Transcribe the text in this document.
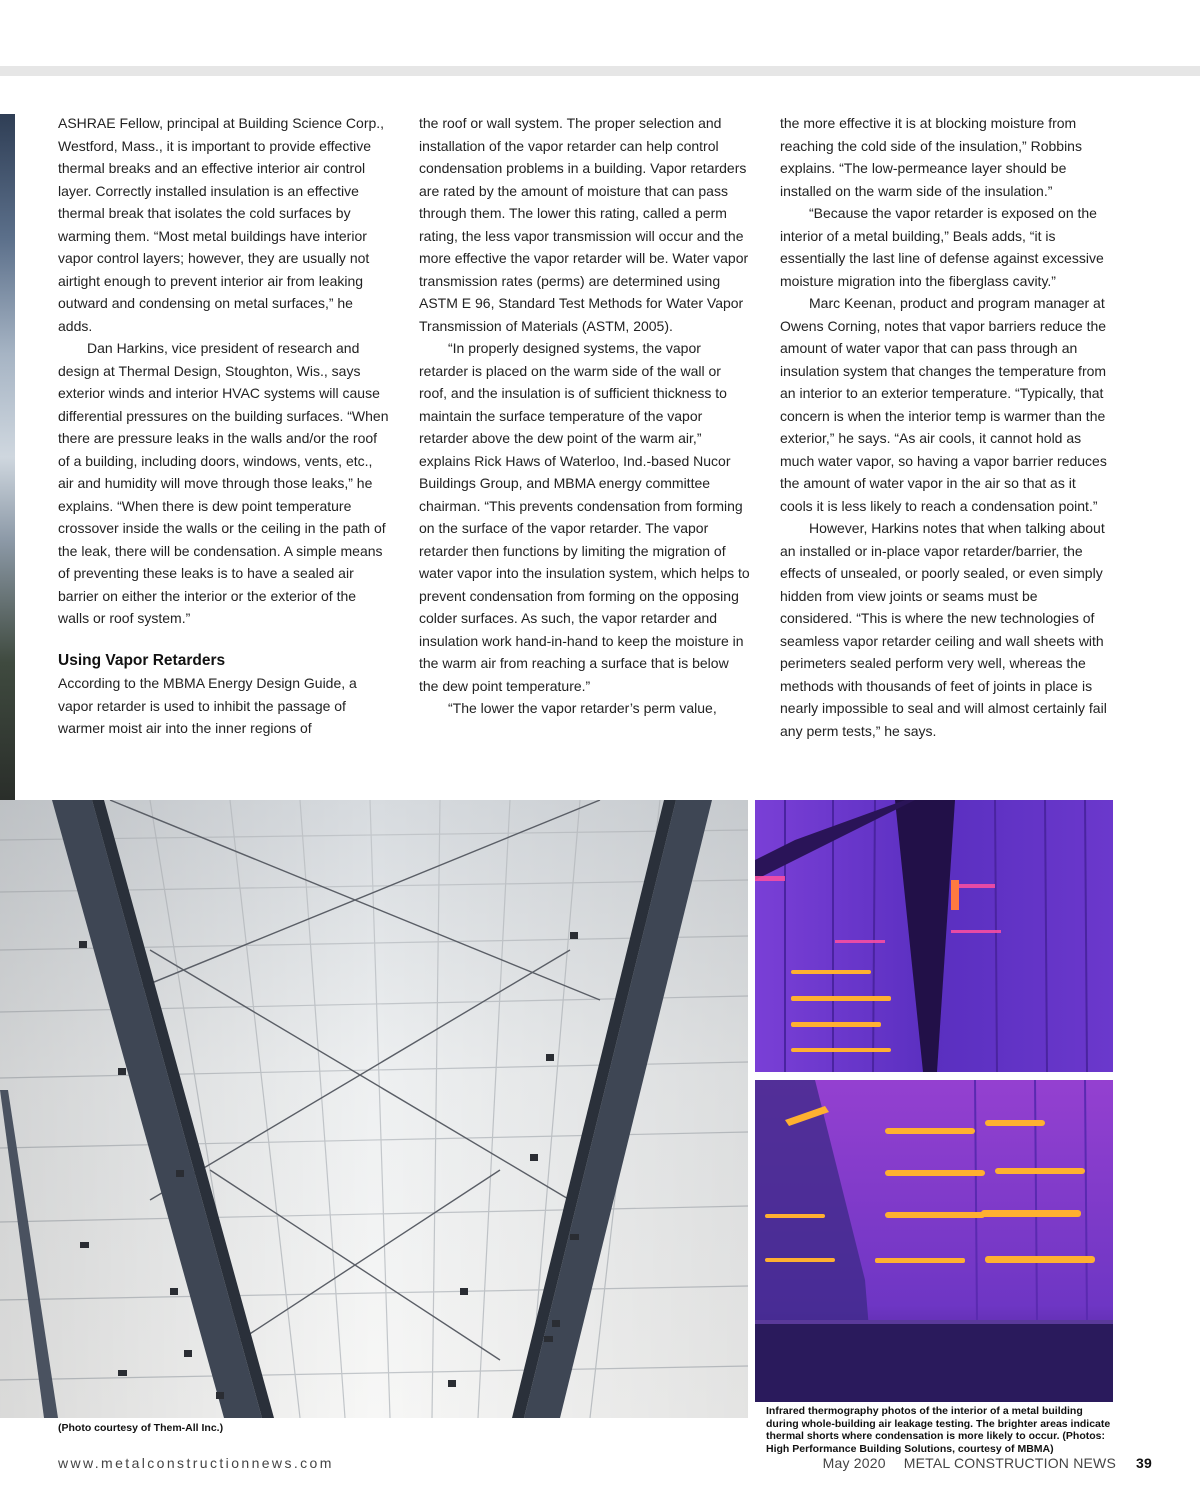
ASHRAE Fellow, principal at Building Science Corp., Westford, Mass., it is important to provide effective thermal breaks and an effective interior air control layer. Correctly installed insulation is an effective thermal break that isolates the cold surfaces by warming them. “Most metal buildings have interior vapor control layers; however, they are usually not airtight enough to prevent interior air from leaking outward and condensing on metal surfaces,” he adds.

Dan Harkins, vice president of research and design at Thermal Design, Stoughton, Wis., says exterior winds and interior HVAC systems will cause differential pressures on the building surfaces. “When there are pressure leaks in the walls and/or the roof of a building, including doors, windows, vents, etc., air and humidity will move through those leaks,” he explains. “When there is dew point temperature crossover inside the walls or the ceiling in the path of the leak, there will be condensation. A simple means of preventing these leaks is to have a sealed air barrier on either the interior or the exterior of the walls or roof system.”

Using Vapor Retarders

According to the MBMA Energy Design Guide, a vapor retarder is used to inhibit the passage of warmer moist air into the inner regions of

the roof or wall system. The proper selection and installation of the vapor retarder can help control condensation problems in a building. Vapor retarders are rated by the amount of moisture that can pass through them. The lower this rating, called a perm rating, the less vapor transmission will occur and the more effective the vapor retarder will be. Water vapor transmission rates (perms) are determined using ASTM E 96, Standard Test Methods for Water Vapor Transmission of Materials (ASTM, 2005).

“In properly designed systems, the vapor retarder is placed on the warm side of the wall or roof, and the insulation is of sufficient thickness to maintain the surface temperature of the vapor retarder above the dew point of the warm air,” explains Rick Haws of Waterloo, Ind.-based Nucor Buildings Group, and MBMA energy committee chairman. “This prevents condensation from forming on the surface of the vapor retarder. The vapor retarder then functions by limiting the migration of water vapor into the insulation system, which helps to prevent condensation from forming on the opposing colder surfaces. As such, the vapor retarder and insulation work hand-in-hand to keep the moisture in the warm air from reaching a surface that is below the dew point temperature.”

“The lower the vapor retarder’s perm value,

the more effective it is at blocking moisture from reaching the cold side of the insulation,” Robbins explains. “The low-permeance layer should be installed on the warm side of the insulation.”

“Because the vapor retarder is exposed on the interior of a metal building,” Beals adds, “it is essentially the last line of defense against excessive moisture migration into the fiberglass cavity.”

Marc Keenan, product and program manager at Owens Corning, notes that vapor barriers reduce the amount of water vapor that can pass through an insulation system that changes the temperature from an interior to an exterior temperature. “Typically, that concern is when the interior temp is warmer than the exterior,” he says. “As air cools, it cannot hold as much water vapor, so having a vapor barrier reduces the amount of water vapor in the air so that as it cools it is less likely to reach a condensation point.”

However, Harkins notes that when talking about an installed or in-place vapor retarder/barrier, the effects of unsealed, or poorly sealed, or even simply hidden from view joints or seams must be considered. “This is where the new technologies of seamless vapor retarder ceiling and wall sheets with perimeters sealed perform very well, whereas the methods with thousands of feet of joints in place is nearly impossible to seal and will almost certainly fail any perm tests,” he says.

(Photo courtesy of Them-All Inc.)
Infrared thermography photos of the interior of a metal building during whole-building air leakage testing. The brighter areas indicate thermal shorts where condensation is more likely to occur. (Photos: High Performance Building Solutions, courtesy of MBMA)
www.metalconstructionnews.com	May 2020 METAL CONSTRUCTION NEWS 39
